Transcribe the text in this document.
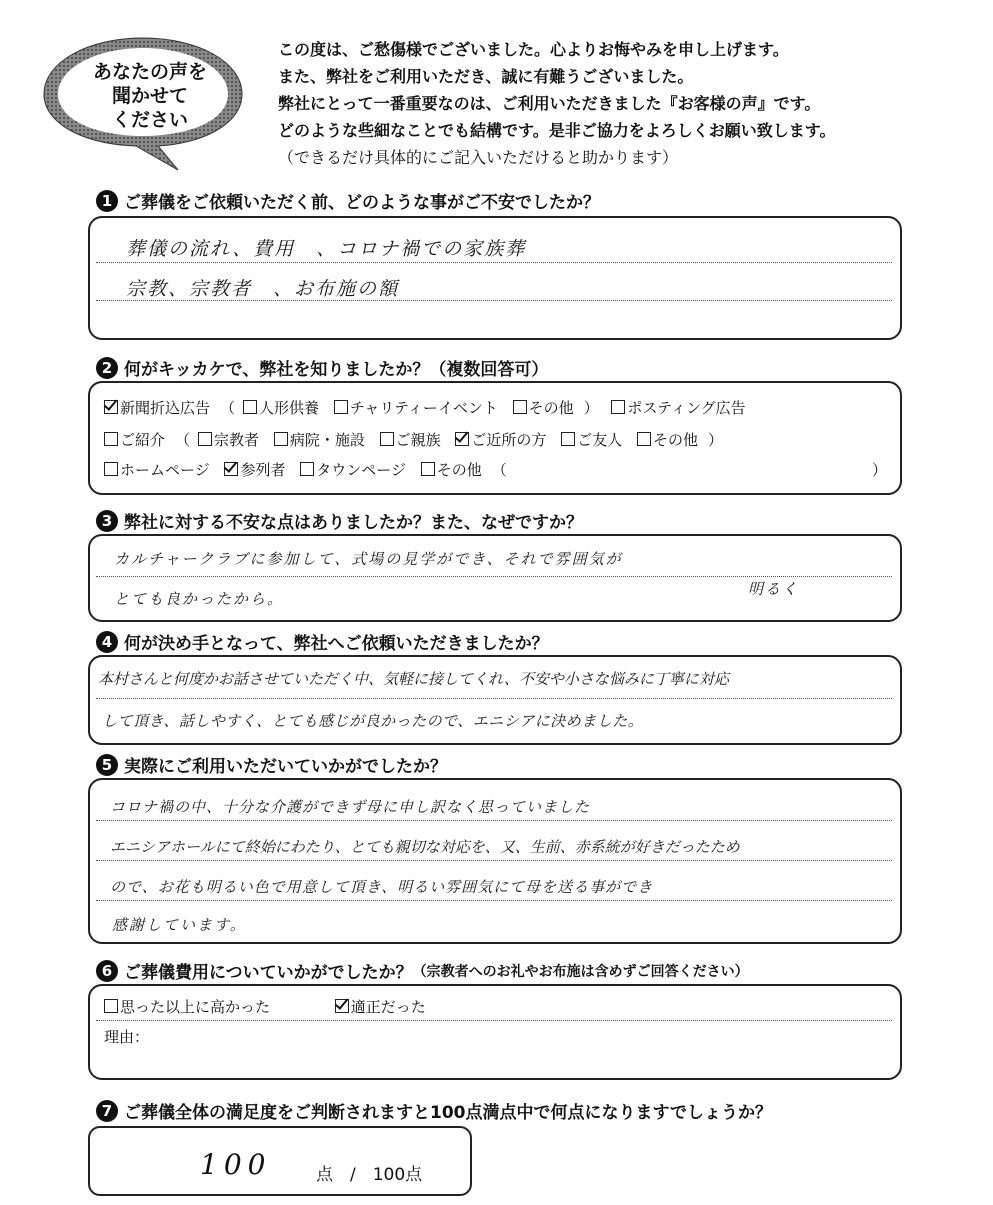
あなたの声を
聞かせて
ください
この度は、ご愁傷様でございました。心よりお悔やみを申し上げます。
また、弊社をご利用いただき、誠に有難うございました。
弊社にとって一番重要なのは、ご利用いただきました『お客様の声』です。
どのような些細なことでも結構です。是非ご協力をよろしくお願い致します。
（できるだけ具体的にご記入いただけると助かります）
1 ご葬儀をご依頼いただく前、どのような事がご不安でしたか？
葬儀の流れ、費用　、コロナ禍での家族葬
宗教、宗教者　、お布施の額
2 何がキッカケで、弊社を知りましたか？（複数回答可）
新聞折込広告 （ 人形供養 チャリティーイベント その他 ） ポスティング広告
ご紹介 （ 宗教者 病院・施設 ご親族 ご近所の方 ご友人 その他 ）
ホームページ 参列者 タウンページ その他 （	）
3 弊社に対する不安な点はありましたか？また、なぜですか？
カルチャークラブに参加して、式場の見学ができ、それで雰囲気が
とても良かったから。
明るく
4 何が決め手となって、弊社へご依頼いただきましたか？
本村さんと何度かお話させていただく中、気軽に接してくれ、不安や小さな悩みに丁寧に対応
して頂き、話しやすく、とても感じが良かったので、エニシアに決めました。
5 実際にご利用いただいていかがでしたか？
コロナ禍の中、十分な介護ができず母に申し訳なく思っていました
エニシアホールにて終始にわたり、とても親切な対応を、又、生前、赤系統が好きだったため
ので、お花も明るい色で用意して頂き、明るい雰囲気にて母を送る事ができ
感謝しています。
6 ご葬儀費用についていかがでしたか？ （宗教者へのお礼やお布施は含めずご回答ください）
思った以上に高かった	適正だった
理由：
7 ご葬儀全体の満足度をご判断されますと100点満点中で何点になりますでしょうか？
100	点　/　100点
